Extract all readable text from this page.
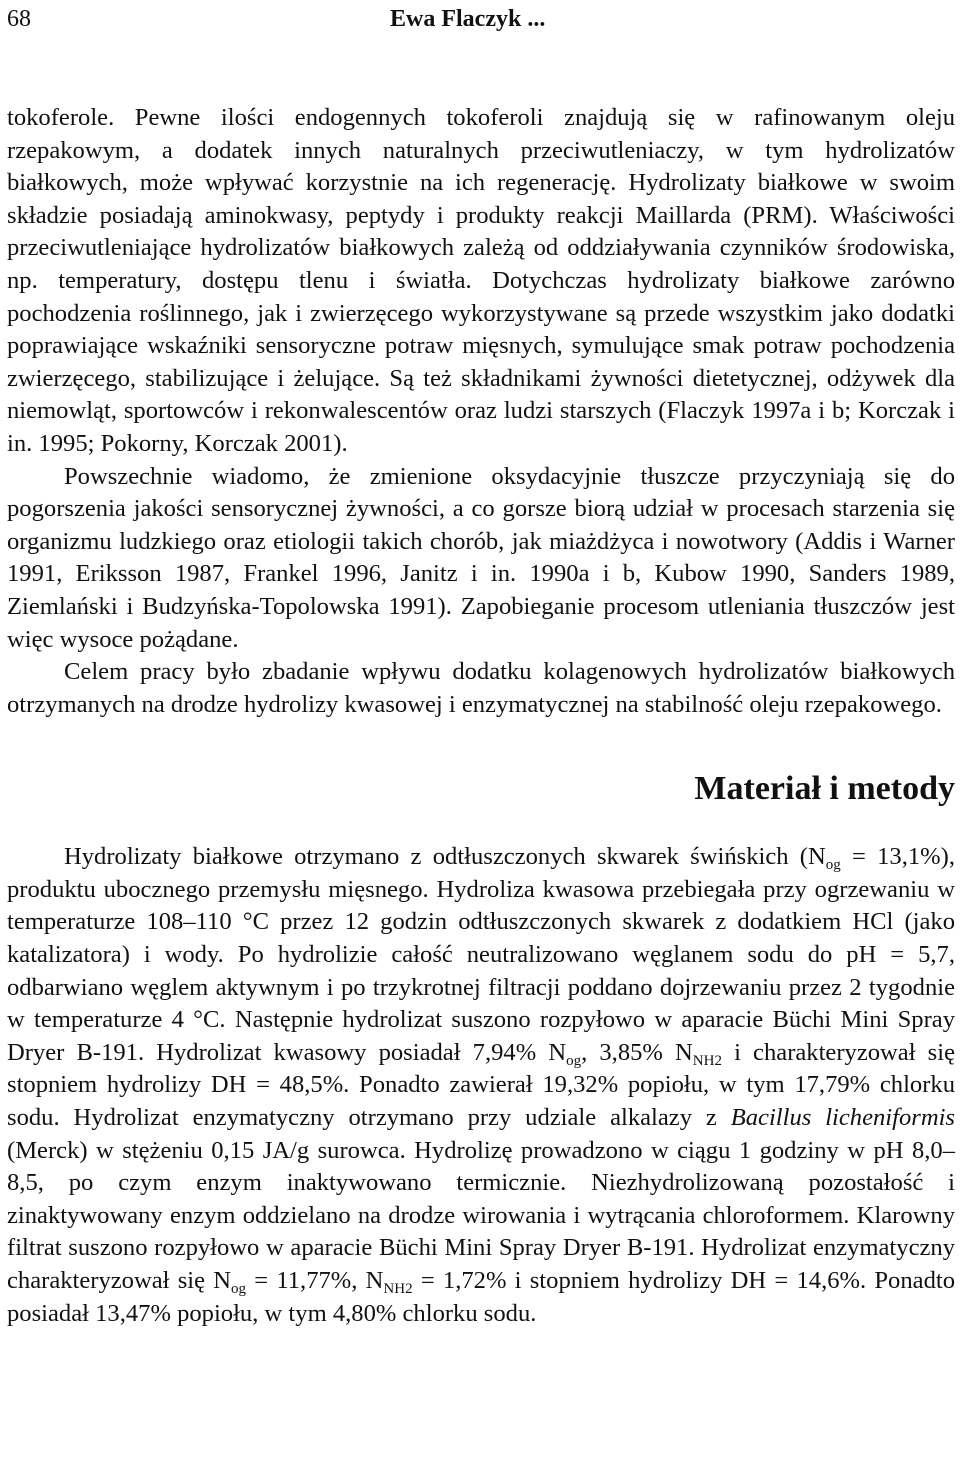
68	Ewa Flaczyk ...

tokoferole. Pewne ilości endogennych tokoferoli znajdują się w rafinowanym oleju rzepakowym, a dodatek innych naturalnych przeciwutleniaczy, w tym hydrolizatów białkowych, może wpływać korzystnie na ich regenerację. Hydrolizaty białkowe w swoim składzie posiadają aminokwasy, peptydy i produkty reakcji Maillarda (PRM). Właściwości przeciwutleniające hydrolizatów białkowych zależą od oddziaływania czynników środowiska, np. temperatury, dostępu tlenu i światła. Dotychczas hydrolizaty białkowe zarówno pochodzenia roślinnego, jak i zwierzęcego wykorzystywane są przede wszystkim jako dodatki poprawiające wskaźniki sensoryczne potraw mięsnych, symulujące smak potraw pochodzenia zwierzęcego, stabilizujące i żelujące. Są też składnikami żywności dietetycznej, odżywek dla niemowląt, sportowców i rekonwalescentów oraz ludzi starszych (Flaczyk 1997a i b; Korczak i in. 1995; Pokorny, Korczak 2001).

Powszechnie wiadomo, że zmienione oksydacyjnie tłuszcze przyczyniają się do pogorszenia jakości sensorycznej żywności, a co gorsze biorą udział w procesach starzenia się organizmu ludzkiego oraz etiologii takich chorób, jak miażdżyca i nowotwory (Addis i Warner 1991, Eriksson 1987, Frankel 1996, Janitz i in. 1990a i b, Kubow 1990, Sanders 1989, Ziemlański i Budzyńska-Topolowska 1991). Zapobieganie procesom utleniania tłuszczów jest więc wysoce pożądane.

Celem pracy było zbadanie wpływu dodatku kolagenowych hydrolizatów białkowych otrzymanych na drodze hydrolizy kwasowej i enzymatycznej na stabilność oleju rzepakowego.

Materiał i metody

Hydrolizaty białkowe otrzymano z odtłuszczonych skwarek świńskich $(N_{og} = 13,1\%)$, produktu ubocznego przemysłu mięsnego. Hydroliza kwasowa przebiegała przy ogrzewaniu w temperaturze 108–110 °C przez 12 godzin odtłuszczonych skwarek z dodatkiem HCl (jako katalizatora) i wody. Po hydrolizie całość neutralizowano węglanem sodu do pH = 5,7, odbarwiano węglem aktywnym i po trzykrotnej filtracji poddano dojrzewaniu przez 2 tygodnie w temperaturze 4 °C. Następnie hydrolizat suszono rozpyłowo w aparacie Büchi Mini Spray Dryer B-191. Hydrolizat kwasowy posiadał 7,94% $N_{og}$, 3,85% $N_{NH2}$ i charakteryzował się stopniem hydrolizy DH = 48,5%. Ponadto zawierał 19,32% popiołu, w tym 17,79% chlorku sodu. Hydrolizat enzymatyczny otrzymano przy udziale alkalazy z Bacillus licheniformis (Merck) w stężeniu 0,15 JA/g surowca. Hydrolizę prowadzono w ciągu 1 godziny w pH 8,0–8,5, po czym enzym inaktywowano termicznie. Niezhydrolizowaną pozostałość i zinaktywowany enzym oddzielano na drodze wirowania i wytrącania chloroformem. Klarowny filtrat suszono rozpyłowo w aparacie Büchi Mini Spray Dryer B-191. Hydrolizat enzymatyczny charakteryzował się $N_{og} = 11,77\%$, $N_{NH2} = 1,72\%$ i stopniem hydrolizy DH = 14,6%. Ponadto posiadał 13,47% popiołu, w tym 4,80% chlorku sodu.
